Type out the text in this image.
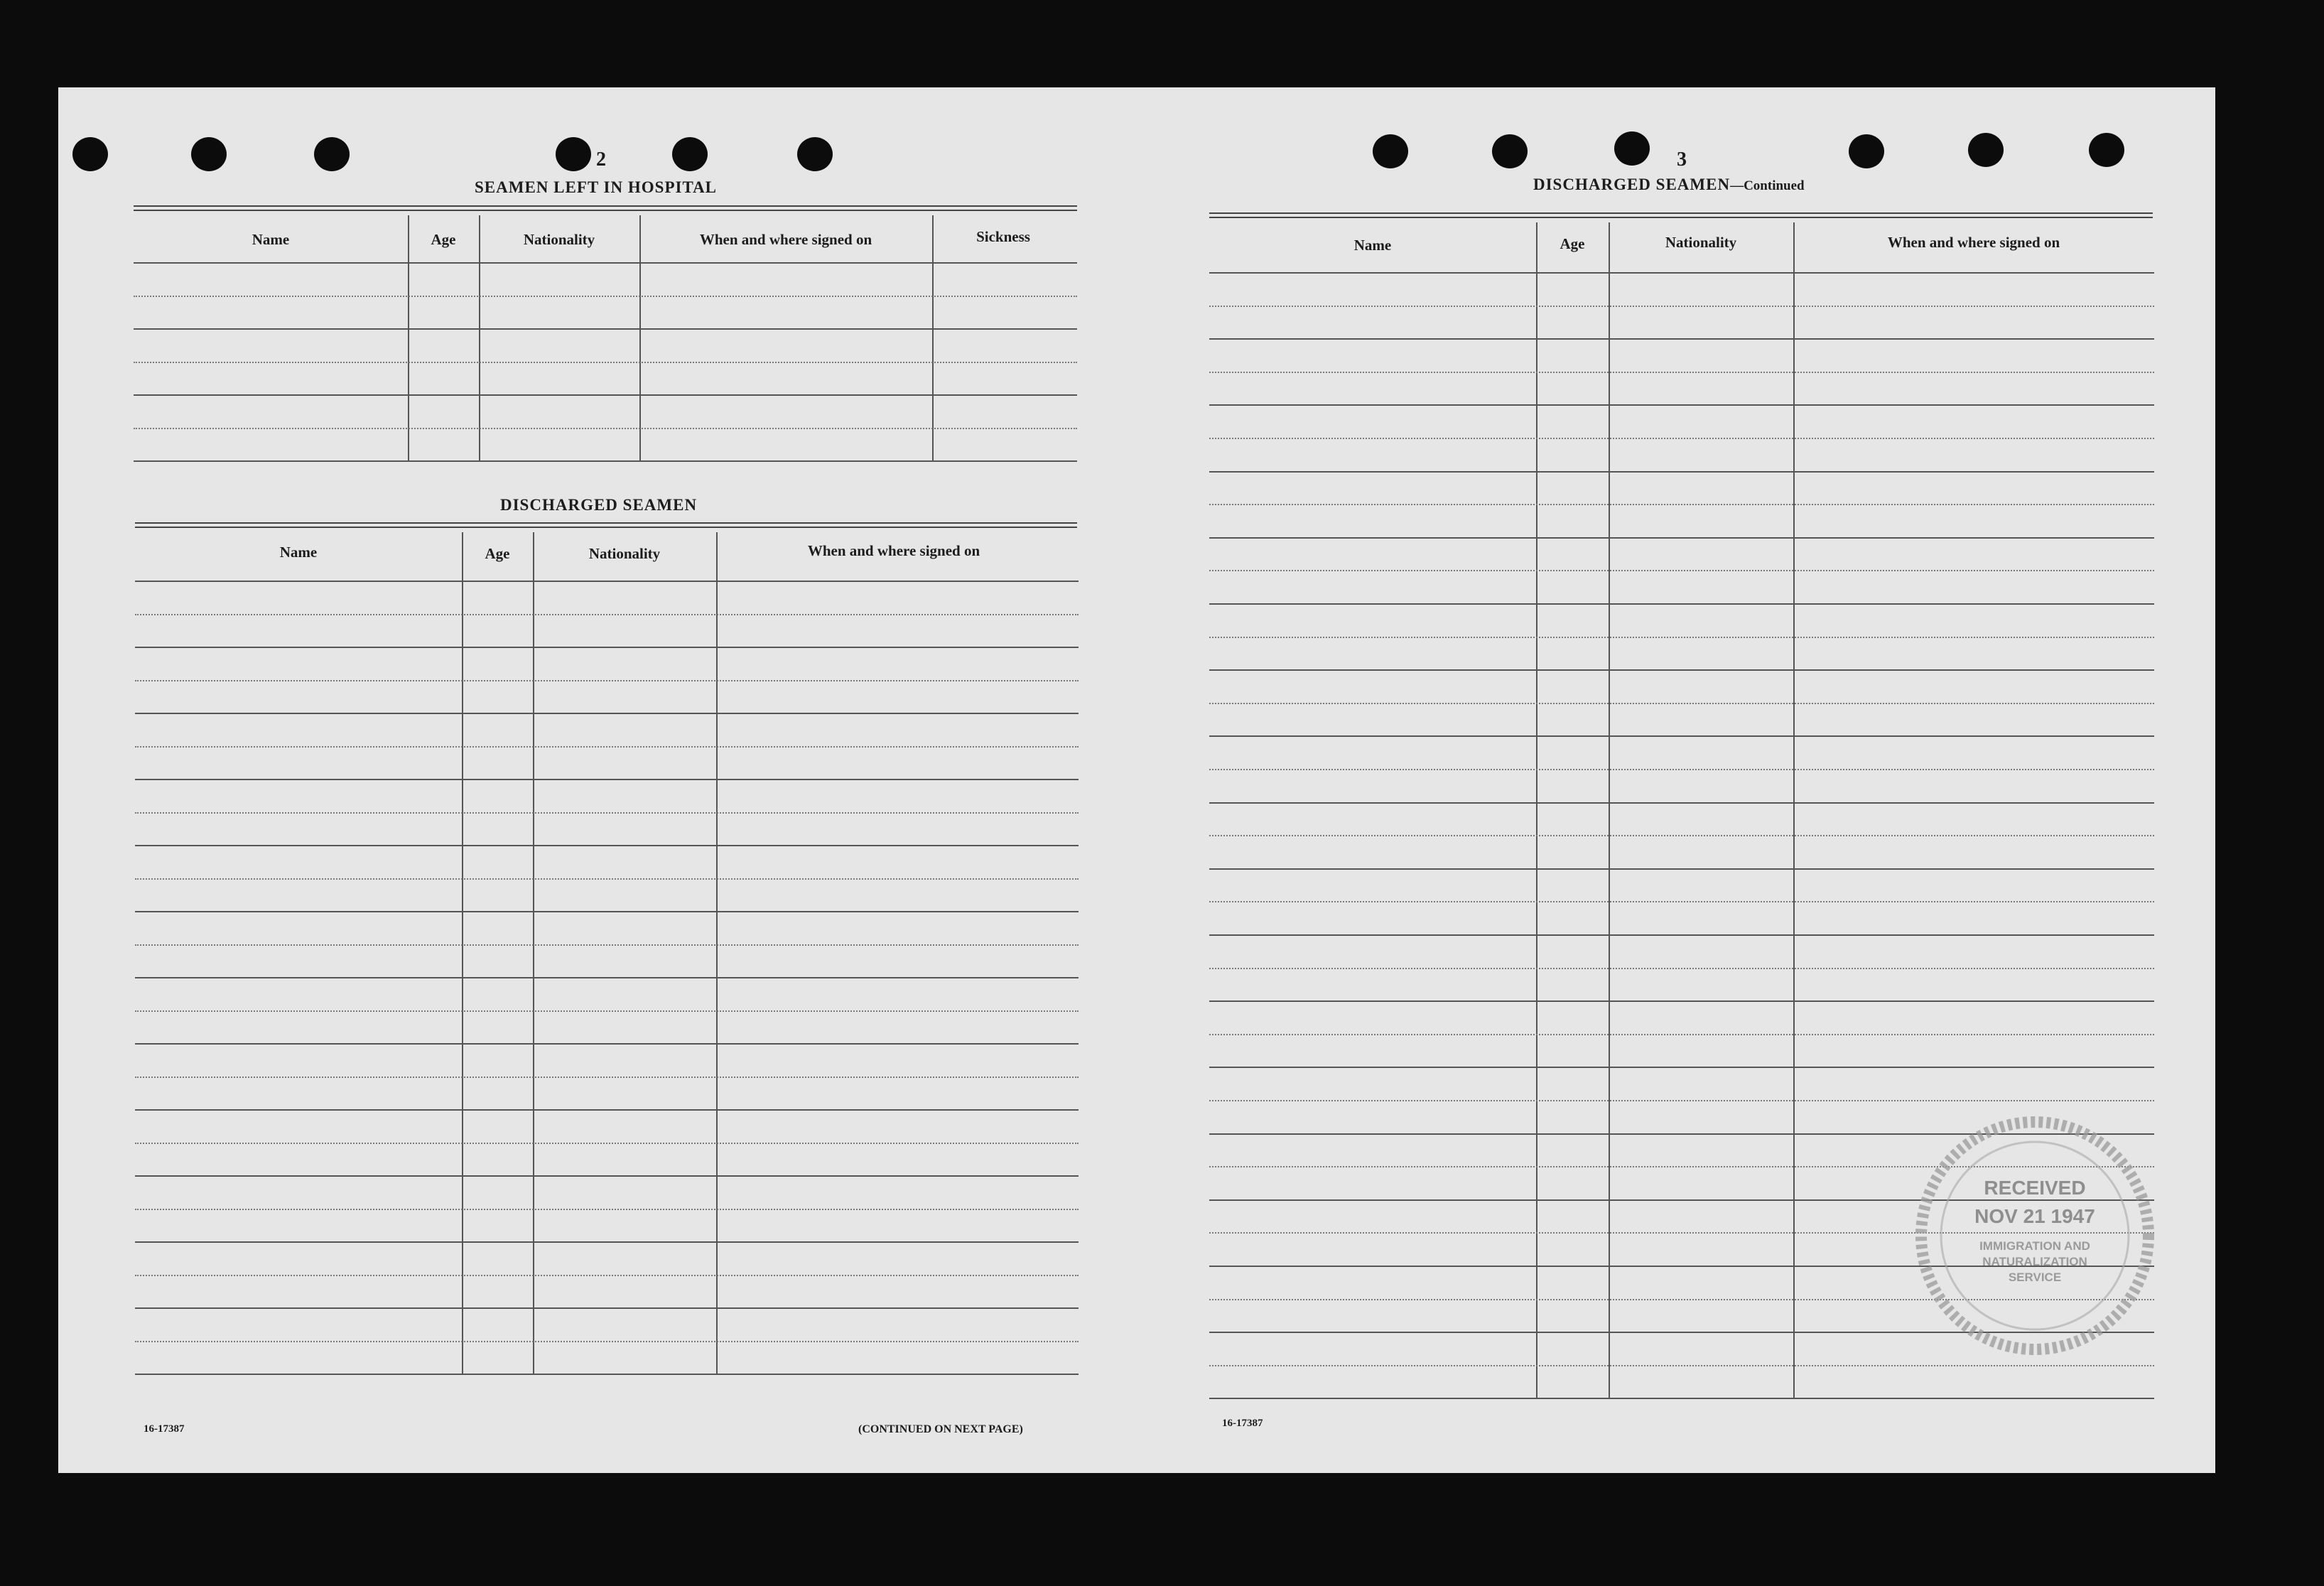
2
SEAMEN LEFT IN HOSPITAL
Name	Age	Nationality	When and where signed on	Sickness
DISCHARGED SEAMEN
Name	Age	Nationality	When and where signed on
16-17387	(CONTINUED ON NEXT PAGE)
3
DISCHARGED SEAMEN—Continued
Name	Age	Nationality	When and where signed on
16-17387
RECEIVED
NOV 21 1947
IMMIGRATION AND
NATURALIZATION
SERVICE
